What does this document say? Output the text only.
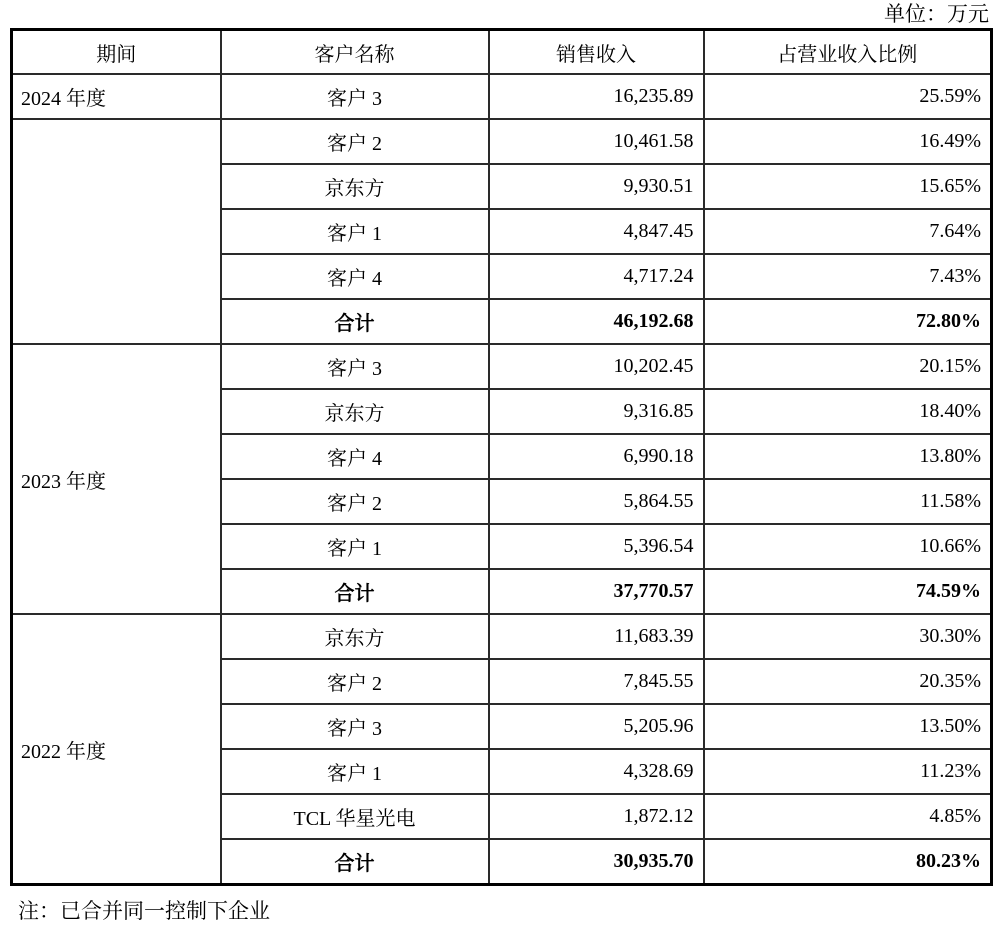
单位：万元
期间	客户名称	销售收入	占营业收入比例
2024 年度	客户 3	16,235.89	25.59%
	客户 2	10,461.58	16.49%
	京东方	9,930.51	15.65%
	客户 1	4,847.45	7.64%
	客户 4	4,717.24	7.43%
	合计	46,192.68	72.80%
2023 年度	客户 3	10,202.45	20.15%
	京东方	9,316.85	18.40%
	客户 4	6,990.18	13.80%
	客户 2	5,864.55	11.58%
	客户 1	5,396.54	10.66%
	合计	37,770.57	74.59%
2022 年度	京东方	11,683.39	30.30%
	客户 2	7,845.55	20.35%
	客户 3	5,205.96	13.50%
	客户 1	4,328.69	11.23%
	TCL 华星光电	1,872.12	4.85%
	合计	30,935.70	80.23%
注：已合并同一控制下企业
